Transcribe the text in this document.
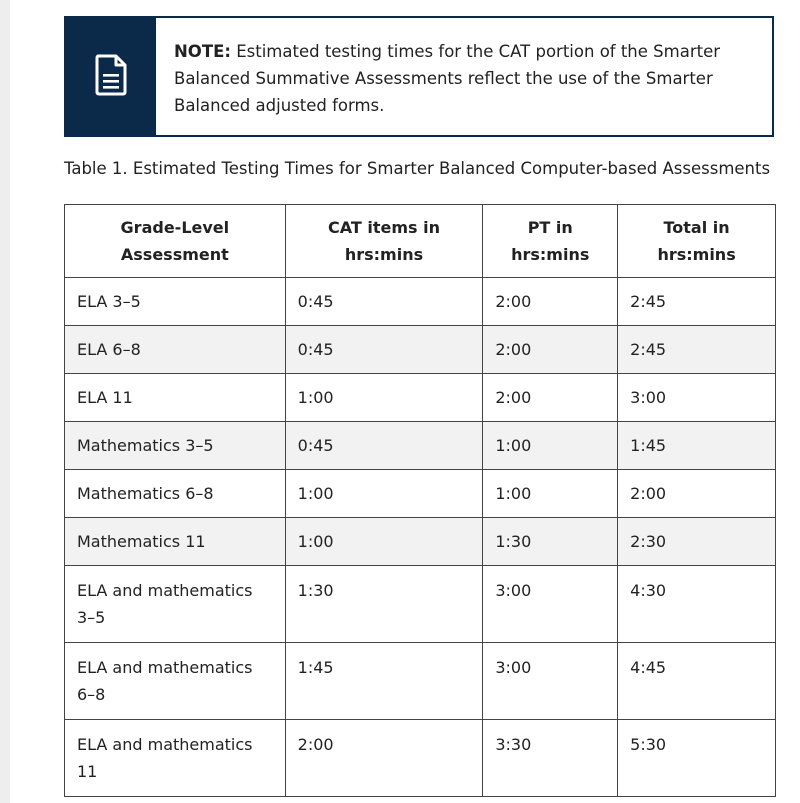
NOTE: Estimated testing times for the CAT portion of the Smarter Balanced Summative Assessments reflect the use of the Smarter Balanced adjusted forms.
Table 1. Estimated Testing Times for Smarter Balanced Computer-based Assessments
Grade-Level Assessment	CAT items in hrs:mins	PT in hrs:mins	Total in hrs:mins
ELA 3–5	0:45	2:00	2:45
ELA 6–8	0:45	2:00	2:45
ELA 11	1:00	2:00	3:00
Mathematics 3–5	0:45	1:00	1:45
Mathematics 6–8	1:00	1:00	2:00
Mathematics 11	1:00	1:30	2:30
ELA and mathematics 3–5	1:30	3:00	4:30
ELA and mathematics 6–8	1:45	3:00	4:45
ELA and mathematics 11	2:00	3:30	5:30
